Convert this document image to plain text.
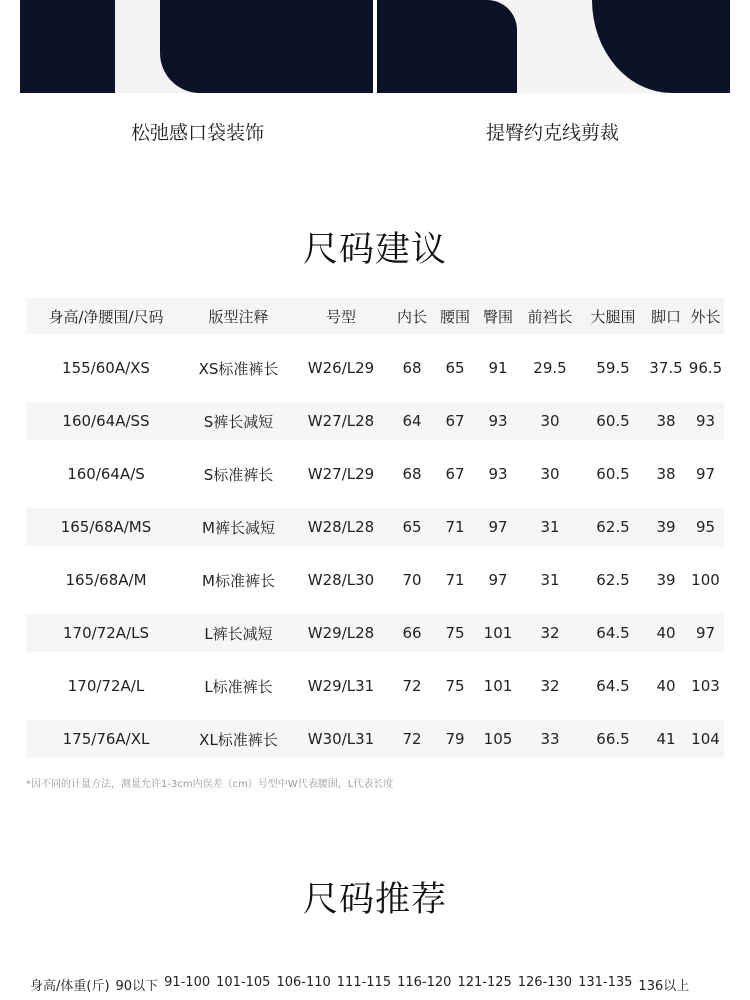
松弛感口袋装饰	提臀约克线剪裁
尺码建议
身高/净腰围/尺码	版型注释	号型	内长	腰围	臀围	前裆长	大腿围	脚口	外长

155/60A/XS	XS标准裤长	W26/L29	68	65	91	29.5	59.5	37.5	96.5

160/64A/SS	S裤长减短	W27/L28	64	67	93	30	60.5	38	93

160/64A/S	S标准裤长	W27/L29	68	67	93	30	60.5	38	97

165/68A/MS	M裤长减短	W28/L28	65	71	97	31	62.5	39	95

165/68A/M	M标准裤长	W28/L30	70	71	97	31	62.5	39	100

170/72A/LS	L裤长减短	W29/L28	66	75	101	32	64.5	40	97

170/72A/L	L标准裤长	W29/L31	72	75	101	32	64.5	40	103

175/76A/XL	XL标准裤长	W30/L31	72	79	105	33	66.5	41	104
*因不同的计量方法，测量允许1-3cm内误差（cm）号型中W代表腰围，L代表长度
尺码推荐
身高/体重(斤) 90以下 91-100 101-105 106-110 111-115 116-120 121-125 126-130 131-135 136以上
